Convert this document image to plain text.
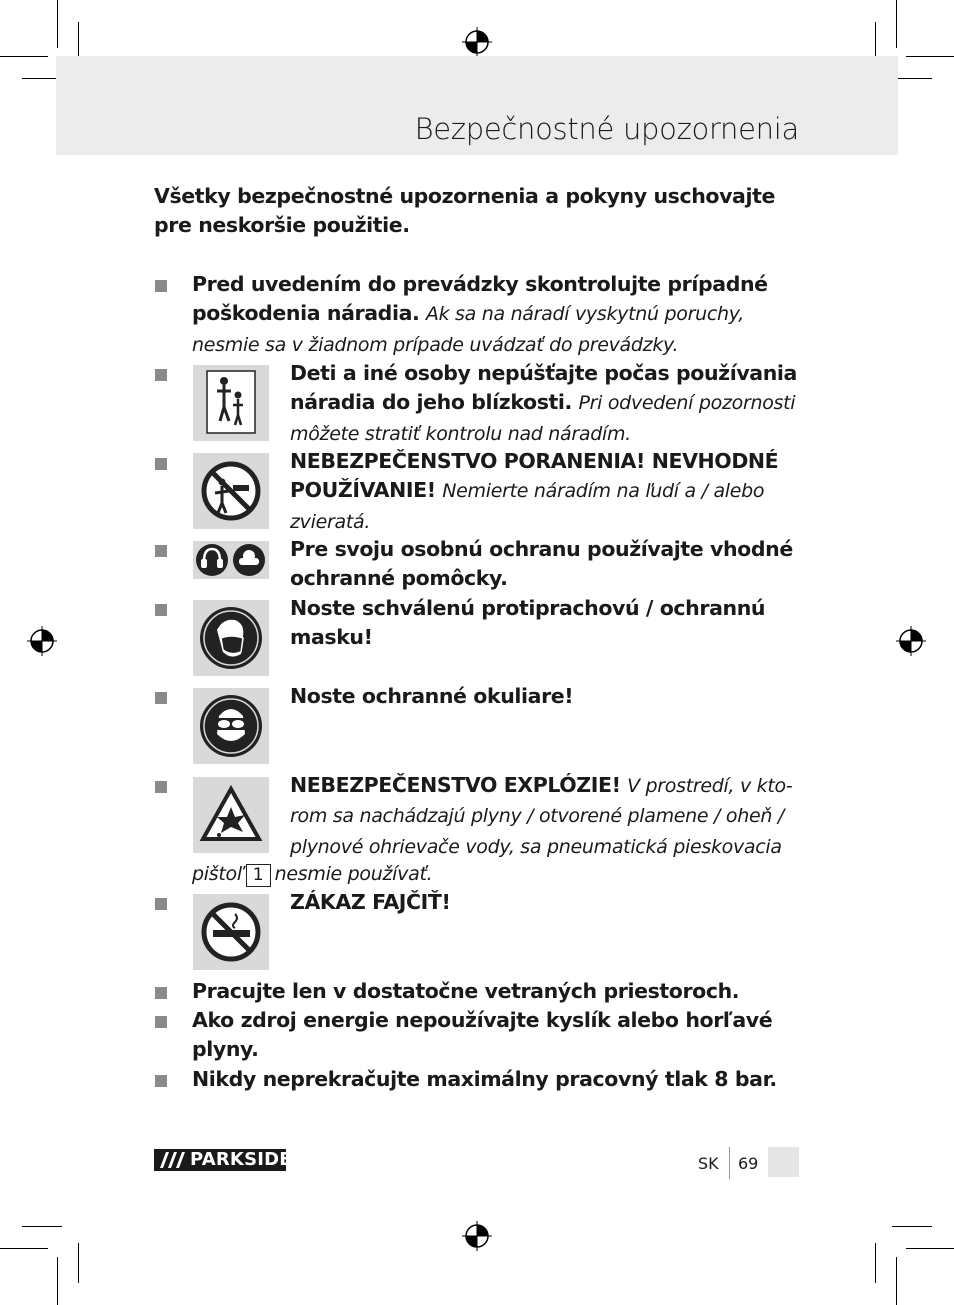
Bezpečnostné upozornenia

Všetky bezpečnostné upozornenia a pokyny uschovajte pre neskoršie použitie.

Pred uvedením do prevádzky skontrolujte prípadné poškodenia náradia. Ak sa na náradí vyskytnú poruchy, nesmie sa v žiadnom prípade uvádzať do prevádzky.

Deti a iné osoby nepúšťajte počas používania náradia do jeho blízkosti. Pri odvedení pozornosti môžete stratiť kontrolu nad náradím.

NEBEZPEČENSTVO PORANENIA! NEVHODNÉ POUŽÍVANIE! Nemierte náradím na ľudí a / alebo zvieratá.

Pre svoju osobnú ochranu používajte vhodné ochranné pomôcky.

Noste schválenú protiprachovú / ochrannú masku!

Noste ochranné okuliare!

NEBEZPEČENSTVO EXPLÓZIE! V prostredí, v kto-
rom sa nachádzajú plyny / otvorené plamene / oheň /
plynové ohrievače vody, sa pneumatická pieskovacia

pištoľ 1 nesmie používať.

ZÁKAZ FAJČIŤ!

Pracujte len v dostatočne vetraných priestoroch.

Ako zdroj energie nepoužívajte kyslík alebo horľavé plyny.

Nikdy neprekračujte maximálny pracovný tlak 8 bar.

PARKSIDE	SK 69
